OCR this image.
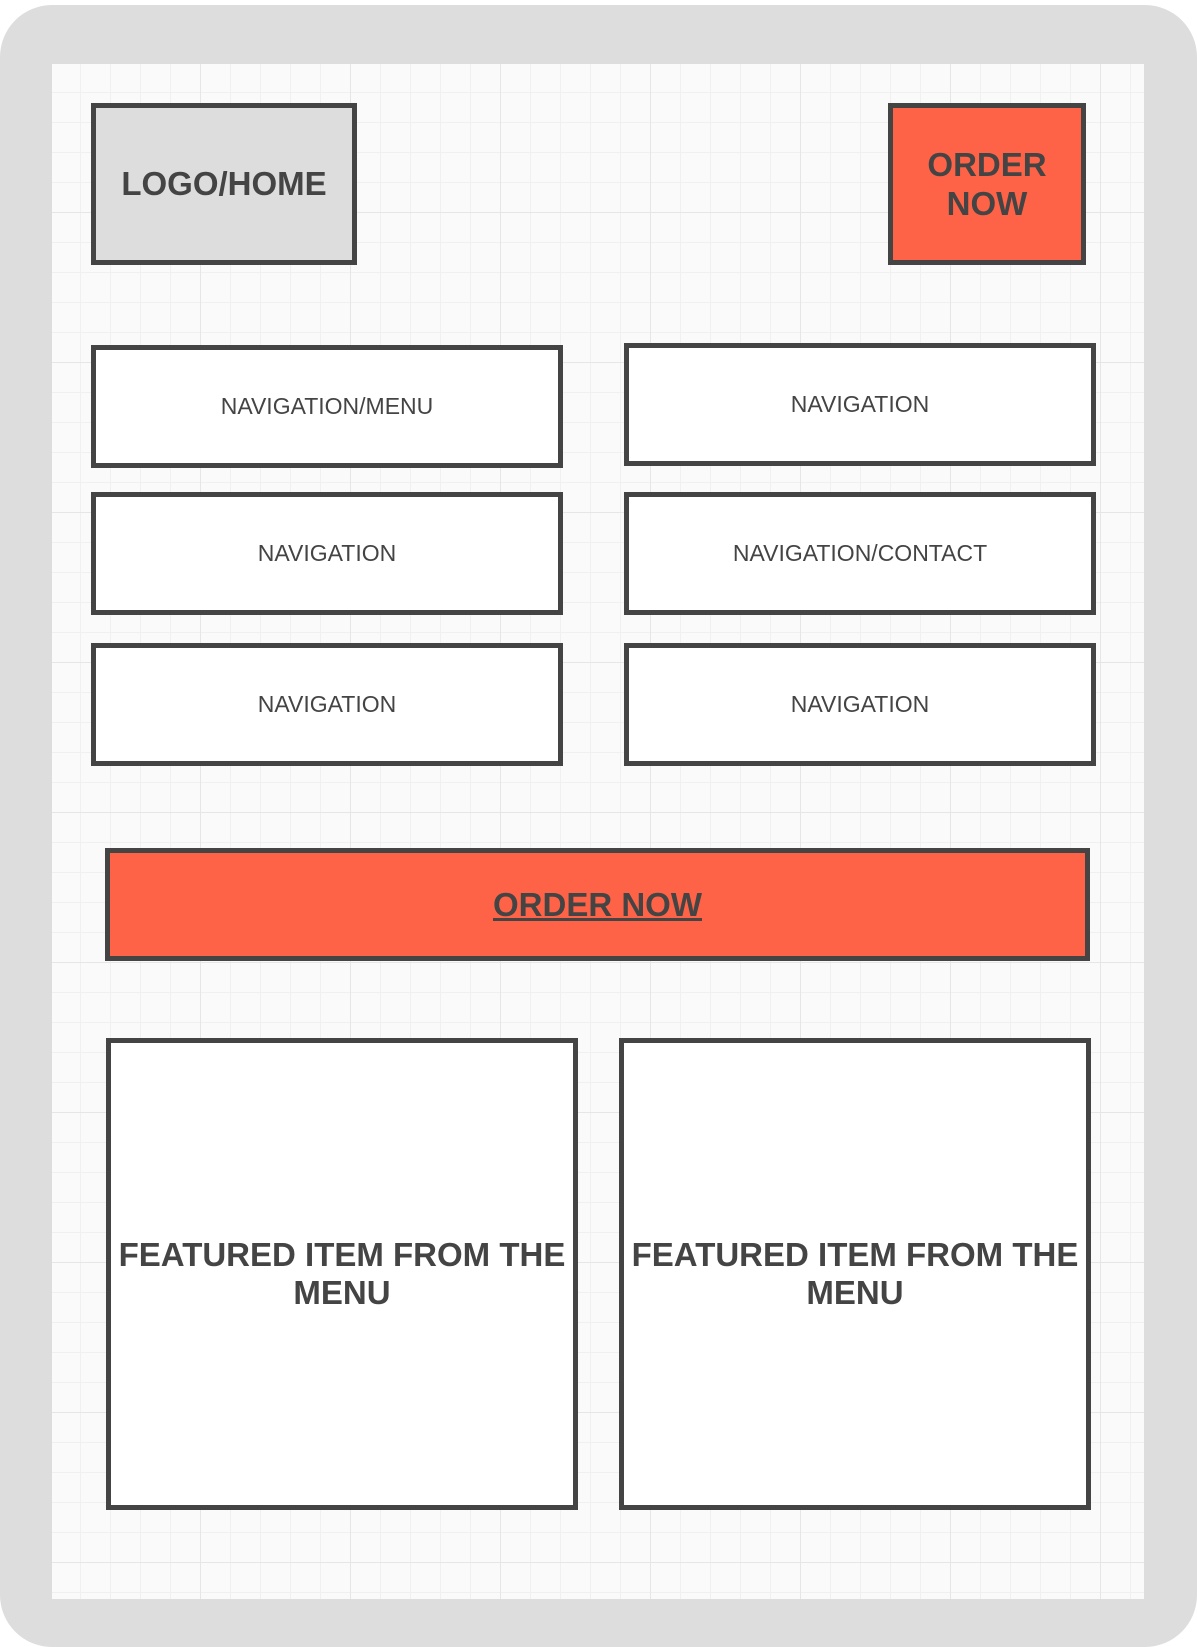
LOGO/HOME
ORDER NOW
NAVIGATION/MENU	NAVIGATION
NAVIGATION	NAVIGATION/CONTACT
NAVIGATION	NAVIGATION
ORDER NOW
FEATURED ITEM FROM THE MENU
FEATURED ITEM FROM THE MENU
